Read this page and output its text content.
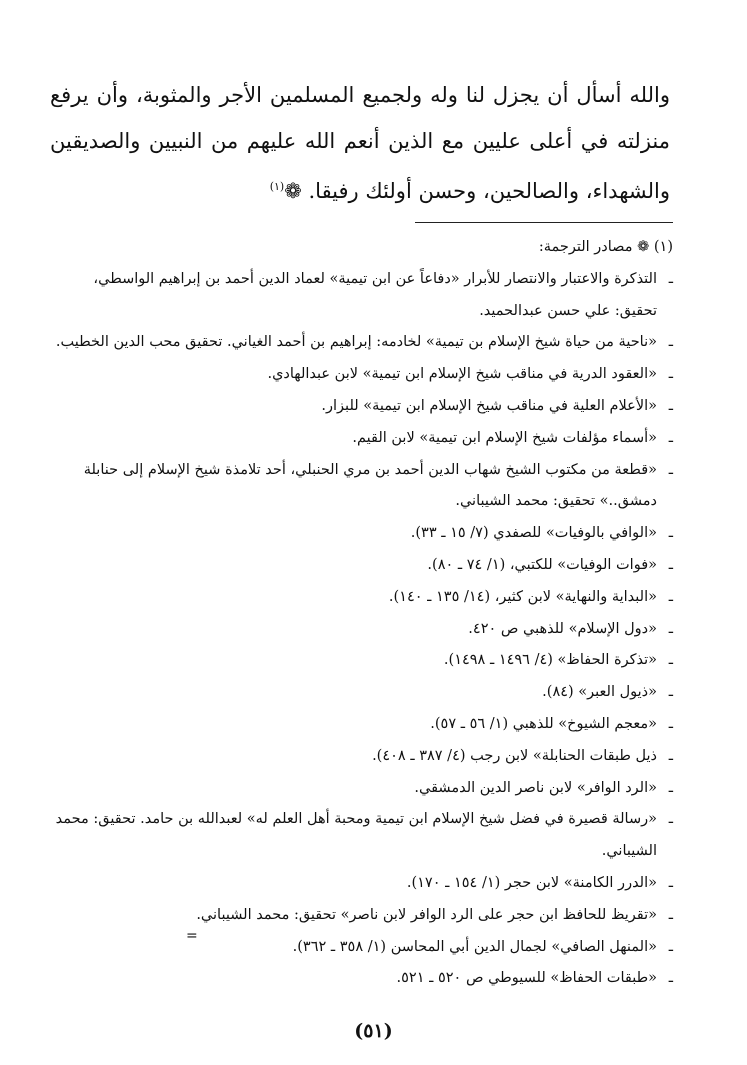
والله أسأل أن يجزل لنا وله ولجميع المسلمين الأجر والمثوبة، وأن يرفع منزلته في أعلى عليين مع الذين أنعم الله عليهم من النبيين والصديقين والشهداء، والصالحين، وحسن أولئك رفيقا. ❁$^{(١)}$
(١) ❁ مصادر الترجمة:
ـالتذكرة والاعتبار والانتصار للأبرار «دفاعاً عن ابن تيمية» لعماد الدين أحمد بن إبراهيم الواسطي، تحقيق: علي حسن عبدالحميد.
ـ«ناحية من حياة شيخ الإسلام بن تيمية» لخادمه: إبراهيم بن أحمد الغياني. تحقيق محب الدين الخطيب.
ـ«العقود الدرية في مناقب شيخ الإسلام ابن تيمية» لابن عبدالهادي.
ـ«الأعلام العلية في مناقب شيخ الإسلام ابن تيمية» للبزار.
ـ«أسماء مؤلفات شيخ الإسلام ابن تيمية» لابن القيم.
ـ«قطعة من مكتوب الشيخ شهاب الدين أحمد بن مري الحنبلي، أحد تلامذة شيخ الإسلام إلى حنابلة دمشق..» تحقيق: محمد الشيباني.
ـ«الوافي بالوفيات» للصفدي (٧/ ١٥ ـ ٣٣).
ـ«فوات الوفيات» للكتبي، (١/ ٧٤ ـ ٨٠).
ـ«البداية والنهاية» لابن كثير، (١٤/ ١٣٥ ـ ١٤٠).
ـ«دول الإسلام» للذهبي ص ٤٢٠.
ـ«تذكرة الحفاظ» (٤/ ١٤٩٦ ـ ١٤٩٨).
ـ«ذيول العبر» (٨٤).
ـ«معجم الشيوخ» للذهبي (١/ ٥٦ ـ ٥٧).
ـذيل طبقات الحنابلة» لابن رجب (٤/ ٣٨٧ ـ ٤٠٨).
ـ«الرد الوافر» لابن ناصر الدين الدمشقي.
ـ«رسالة قصيرة في فضل شيخ الإسلام ابن تيمية ومحبة أهل العلم له» لعبدالله بن حامد. تحقيق: محمد الشيباني.
ـ«الدرر الكامنة» لابن حجر (١/ ١٥٤ ـ ١٧٠).
ـ«تقريظ للحافظ ابن حجر على الرد الوافر لابن ناصر» تحقيق: محمد الشيباني.
ـ«المنهل الصافي» لجمال الدين أبي المحاسن (١/ ٣٥٨ ـ ٣٦٢).
ـ«طبقات الحفاظ» للسيوطي ص ٥٢٠ ـ ٥٢١.
=
(٥١)
